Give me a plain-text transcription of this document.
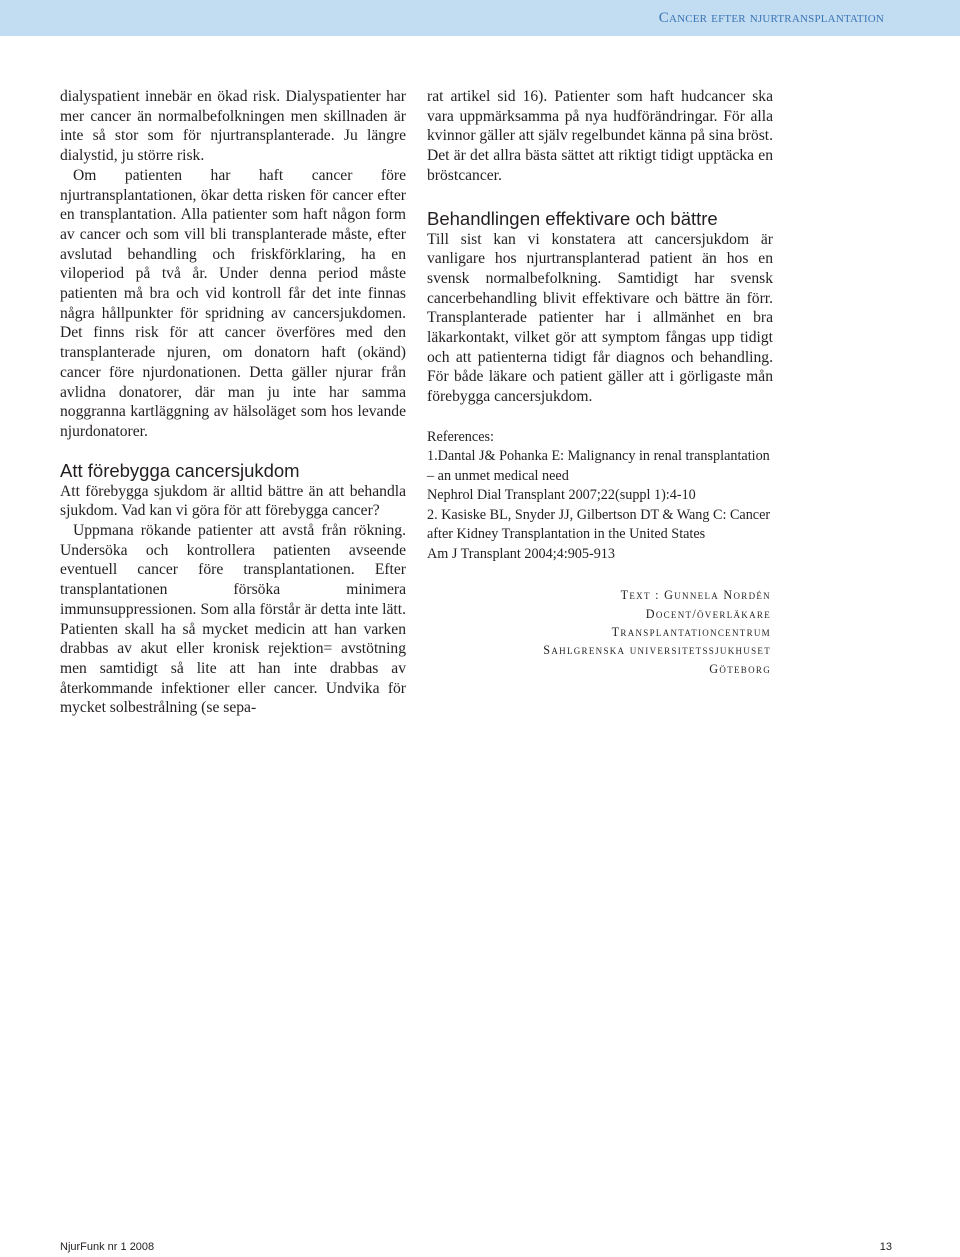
Cancer efter njurtransplantation

dialyspatient innebär en ökad risk. Dialyspatienter har mer cancer än normalbefolkningen men skillnaden är inte så stor som för njurtransplanterade. Ju längre dialystid, ju större risk.

Om patienten har haft cancer före njurtransplantationen, ökar detta risken för cancer efter en transplantation. Alla patienter som haft någon form av cancer och som vill bli transplanterade måste, efter avslutad behandling och friskförklaring, ha en viloperiod på två år. Under denna period måste patienten må bra och vid kontroll får det inte finnas några hållpunkter för spridning av cancersjukdomen. Det finns risk för att cancer överföres med den transplanterade njuren, om donatorn haft (okänd) cancer före njurdonationen. Detta gäller njurar från avlidna donatorer, där man ju inte har samma noggranna kartläggning av hälsoläget som hos levande njurdonatorer.

Att förebygga cancersjukdom

Att förebygga sjukdom är alltid bättre än att behandla sjukdom. Vad kan vi göra för att förebygga cancer?

Uppmana rökande patienter att avstå från rökning. Undersöka och kontrollera patienten avseende eventuell cancer före transplantationen. Efter transplantationen försöka minimera immunsuppressionen. Som alla förstår är detta inte lätt. Patienten skall ha så mycket medicin att han varken drabbas av akut eller kronisk rejektion= avstötning men samtidigt så lite att han inte drabbas av återkommande infektioner eller cancer. Undvika för mycket solbestrålning (se sepa-

rat artikel sid 16). Patienter som haft hudcancer ska vara uppmärksamma på nya hudförändringar. För alla kvinnor gäller att själv regelbundet känna på sina bröst. Det är det allra bästa sättet att riktigt tidigt upptäcka en bröstcancer.

Behandlingen effektivare och bättre

Till sist kan vi konstatera att cancersjukdom är vanligare hos njurtransplanterad patient än hos en svensk normalbefolkning. Samtidigt har svensk cancerbehandling blivit effektivare och bättre än förr. Transplanterade patienter har i allmänhet en bra läkarkontakt, vilket gör att symptom fångas upp tidigt och att patienterna tidigt får diagnos och behandling. För både läkare och patient gäller att i görligaste mån förebygga cancersjukdom.

References:
1.Dantal J& Pohanka E: Malignancy in renal transplantation
– an unmet medical need
Nephrol Dial Transplant 2007;22(suppl 1):4-10
2. Kasiske BL, Snyder JJ, Gilbertson DT & Wang C: Cancer
after Kidney Transplantation in the United States
Am J Transplant 2004;4:905-913
Text : Gunnela Nordén
Docent/överläkare
Transplantationcentrum
Sahlgrenska universitetssjukhuset
Göteborg
NjurFunk nr 1 2008	13
